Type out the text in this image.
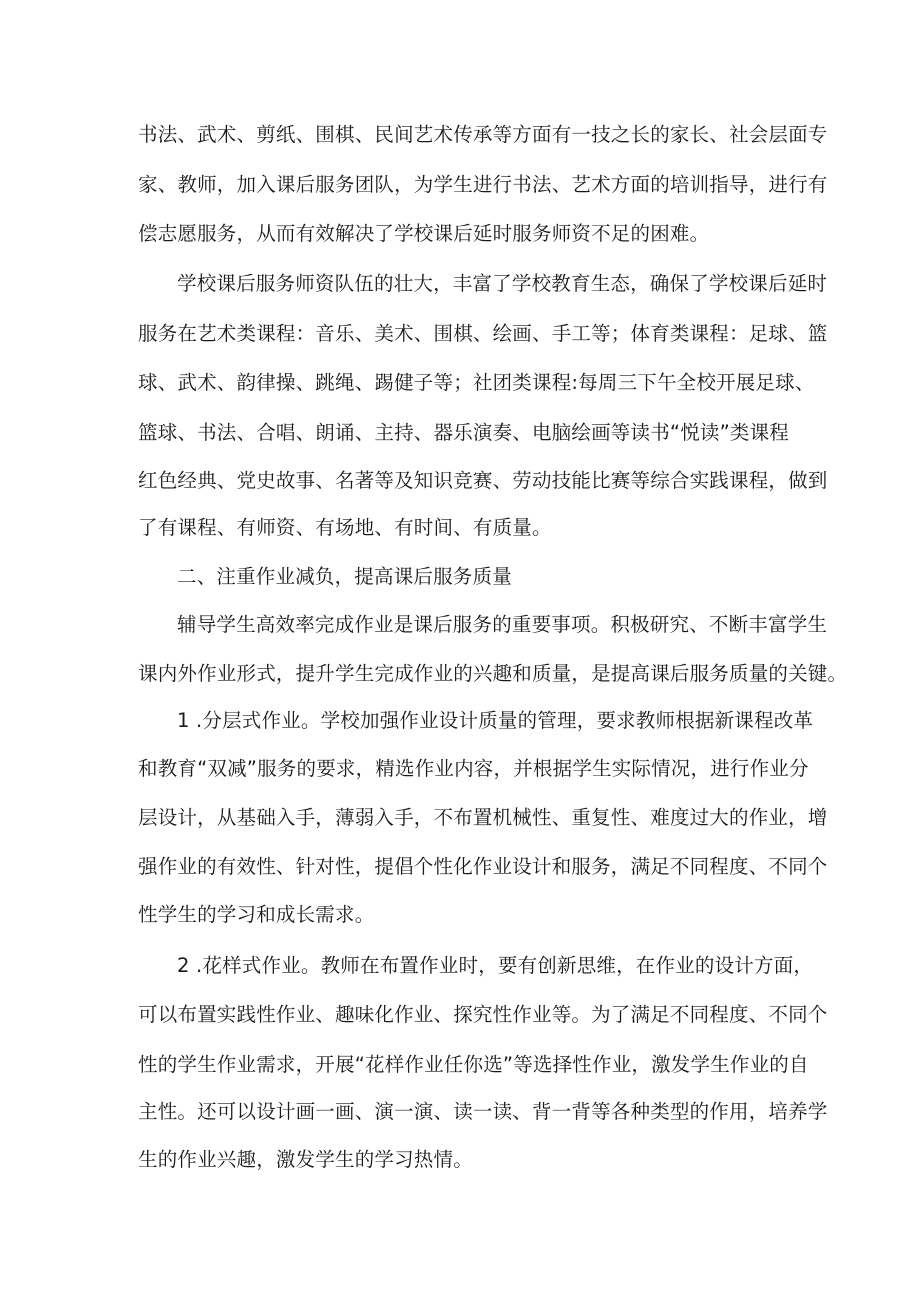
书法、武术、剪纸、围棋、民间艺术传承等方面有一技之长的家长、社会层面专
家、教师，加入课后服务团队，为学生进行书法、艺术方面的培训指导，进行有
偿志愿服务，从而有效解决了学校课后延时服务师资不足的困难。
学校课后服务师资队伍的壮大，丰富了学校教育生态，确保了学校课后延时
服务在艺术类课程：音乐、美术、围棋、绘画、手工等；体育类课程：足球、篮
球、武术、韵律操、跳绳、踢健子等；社团类课程:每周三下午全校开展足球、
篮球、书法、合唱、朗诵、主持、器乐演奏、电脑绘画等读书“悦读”类课程
红色经典、党史故事、名著等及知识竞赛、劳动技能比赛等综合实践课程，做到
了有课程、有师资、有场地、有时间、有质量。
二、注重作业减负，提高课后服务质量
辅导学生高效率完成作业是课后服务的重要事项。积极研究、不断丰富学生
课内外作业形式，提升学生完成作业的兴趣和质量，是提高课后服务质量的关键。
1 .分层式作业。学校加强作业设计质量的管理，要求教师根据新课程改革
和教育“双减”服务的要求，精选作业内容，并根据学生实际情况，进行作业分
层设计，从基础入手，薄弱入手，不布置机械性、重复性、难度过大的作业，增
强作业的有效性、针对性，提倡个性化作业设计和服务，满足不同程度、不同个
性学生的学习和成长需求。
2 .花样式作业。教师在布置作业时，要有创新思维，在作业的设计方面，
可以布置实践性作业、趣味化作业、探究性作业等。为了满足不同程度、不同个
性的学生作业需求，开展“花样作业任你选”等选择性作业，激发学生作业的自
主性。还可以设计画一画、演一演、读一读、背一背等各种类型的作用，培养学
生的作业兴趣，激发学生的学习热情。
